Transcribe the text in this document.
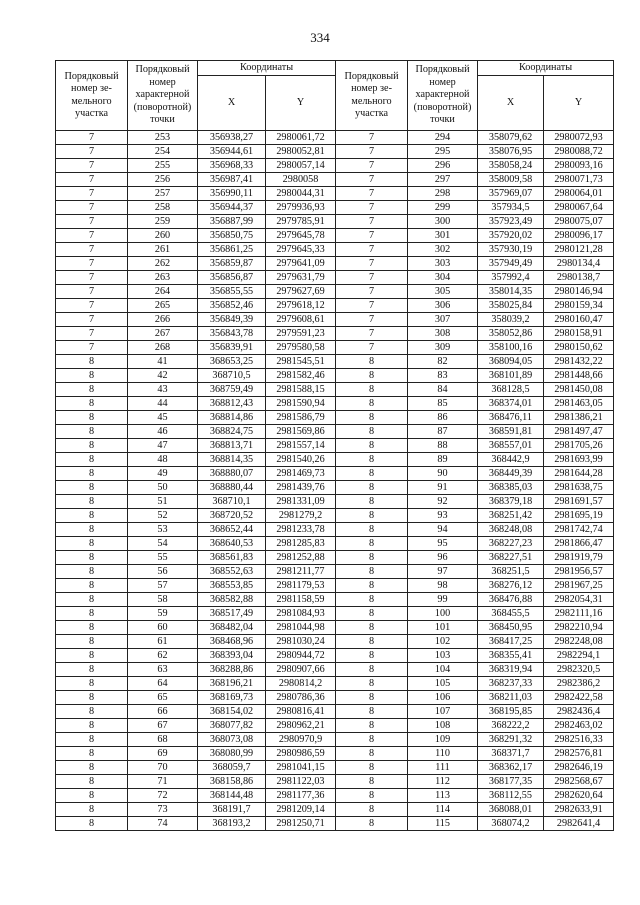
334
Порядковый номер зе-мельного участка	Порядковый номер характерной (поворотной) точки	Координаты		Порядковый номер зе-мельного участка	Порядковый номер характерной (поворотной) точки	Координаты	
		X	Y			X	Y
7	253	356938,27	2980061,72	7	294	358079,62	2980072,93
7	254	356944,61	2980052,81	7	295	358076,95	2980088,72
7	255	356968,33	2980057,14	7	296	358058,24	2980093,16
7	256	356987,41	2980058	7	297	358009,58	2980071,73
7	257	356990,11	2980044,31	7	298	357969,07	2980064,01
7	258	356944,37	2979936,93	7	299	357934,5	2980067,64
7	259	356887,99	2979785,91	7	300	357923,49	2980075,07
7	260	356850,75	2979645,78	7	301	357920,02	2980096,17
7	261	356861,25	2979645,33	7	302	357930,19	2980121,28
7	262	356859,87	2979641,09	7	303	357949,49	2980134,4
7	263	356856,87	2979631,79	7	304	357992,4	2980138,7
7	264	356855,55	2979627,69	7	305	358014,35	2980146,94
7	265	356852,46	2979618,12	7	306	358025,84	2980159,34
7	266	356849,39	2979608,61	7	307	358039,2	2980160,47
7	267	356843,78	2979591,23	7	308	358052,86	2980158,91
7	268	356839,91	2979580,58	7	309	358100,16	2980150,62
8	41	368653,25	2981545,51	8	82	368094,05	2981432,22
8	42	368710,5	2981582,46	8	83	368101,89	2981448,66
8	43	368759,49	2981588,15	8	84	368128,5	2981450,08
8	44	368812,43	2981590,94	8	85	368374,01	2981463,05
8	45	368814,86	2981586,79	8	86	368476,11	2981386,21
8	46	368824,75	2981569,86	8	87	368591,81	2981497,47
8	47	368813,71	2981557,14	8	88	368557,01	2981705,26
8	48	368814,35	2981540,26	8	89	368442,9	2981693,99
8	49	368880,07	2981469,73	8	90	368449,39	2981644,28
8	50	368880,44	2981439,76	8	91	368385,03	2981638,75
8	51	368710,1	2981331,09	8	92	368379,18	2981691,57
8	52	368720,52	2981279,2	8	93	368251,42	2981695,19
8	53	368652,44	2981233,78	8	94	368248,08	2981742,74
8	54	368640,53	2981285,83	8	95	368227,23	2981866,47
8	55	368561,83	2981252,88	8	96	368227,51	2981919,79
8	56	368552,63	2981211,77	8	97	368251,5	2981956,57
8	57	368553,85	2981179,53	8	98	368276,12	2981967,25
8	58	368582,88	2981158,59	8	99	368476,88	2982054,31
8	59	368517,49	2981084,93	8	100	368455,5	2982111,16
8	60	368482,04	2981044,98	8	101	368450,95	2982210,94
8	61	368468,96	2981030,24	8	102	368417,25	2982248,08
8	62	368393,04	2980944,72	8	103	368355,41	2982294,1
8	63	368288,86	2980907,66	8	104	368319,94	2982320,5
8	64	368196,21	2980814,2	8	105	368237,33	2982386,2
8	65	368169,73	2980786,36	8	106	368211,03	2982422,58
8	66	368154,02	2980816,41	8	107	368195,85	2982436,4
8	67	368077,82	2980962,21	8	108	368222,2	2982463,02
8	68	368073,08	2980970,9	8	109	368291,32	2982516,33
8	69	368080,99	2980986,59	8	110	368371,7	2982576,81
8	70	368059,7	2981041,15	8	111	368362,17	2982646,19
8	71	368158,86	2981122,03	8	112	368177,35	2982568,67
8	72	368144,48	2981177,36	8	113	368112,55	2982620,64
8	73	368191,7	2981209,14	8	114	368088,01	2982633,91
8	74	368193,2	2981250,71	8	115	368074,2	2982641,4
